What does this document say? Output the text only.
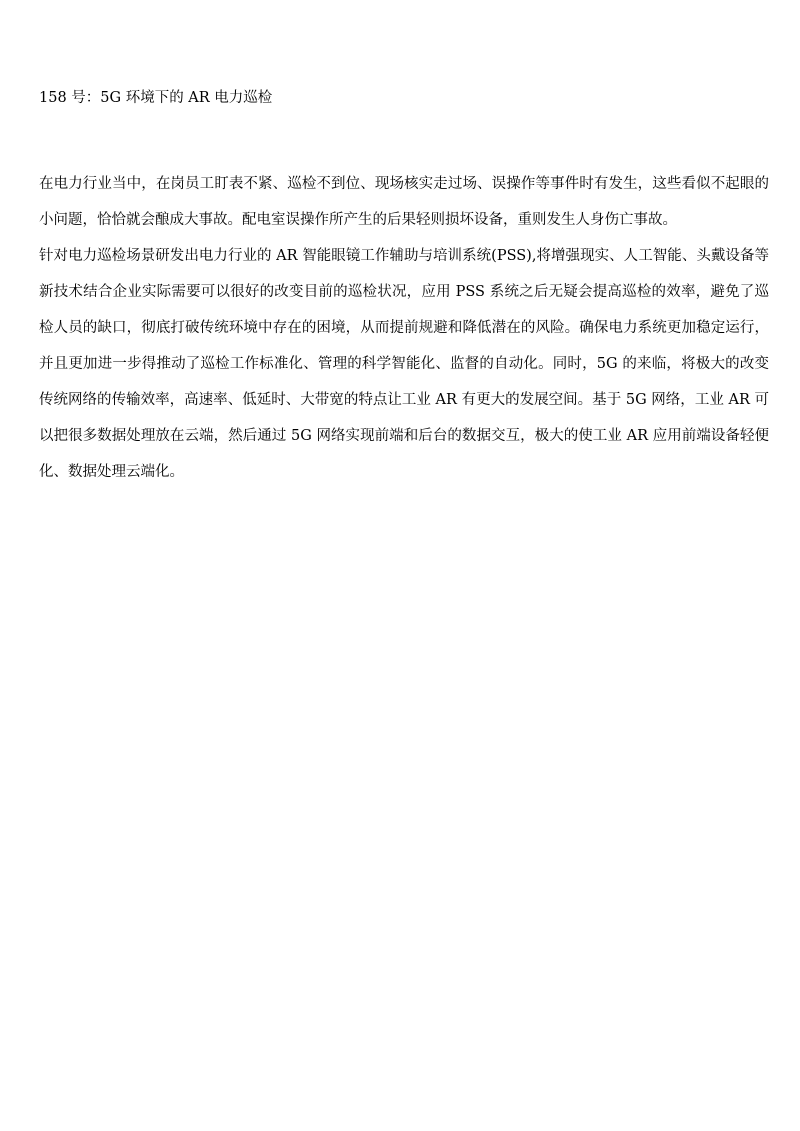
158 号：5G 环境下的 AR 电力巡检

在电力行业当中，在岗员工盯表不紧、巡检不到位、现场核实走过场、误操作等事件时有发生，这些看似不起眼的小问题，恰恰就会酿成大事故。配电室误操作所产生的后果轻则损坏设备，重则发生人身伤亡事故。

针对电力巡检场景研发出电力行业的 AR 智能眼镜工作辅助与培训系统(PSS),将增强现实、人工智能、头戴设备等新技术结合企业实际需要可以很好的改变目前的巡检状况，应用 PSS 系统之后无疑会提高巡检的效率，避免了巡检人员的缺口，彻底打破传统环境中存在的困境，从而提前规避和降低潜在的风险。确保电力系统更加稳定运行，并且更加进一步得推动了巡检工作标准化、管理的科学智能化、监督的自动化。同时，5G 的来临，将极大的改变传统网络的传输效率，高速率、低延时、大带宽的特点让工业 AR 有更大的发展空间。基于 5G 网络，工业 AR 可以把很多数据处理放在云端，然后通过 5G 网络实现前端和后台的数据交互，极大的使工业 AR 应用前端设备轻便化、数据处理云端化。
